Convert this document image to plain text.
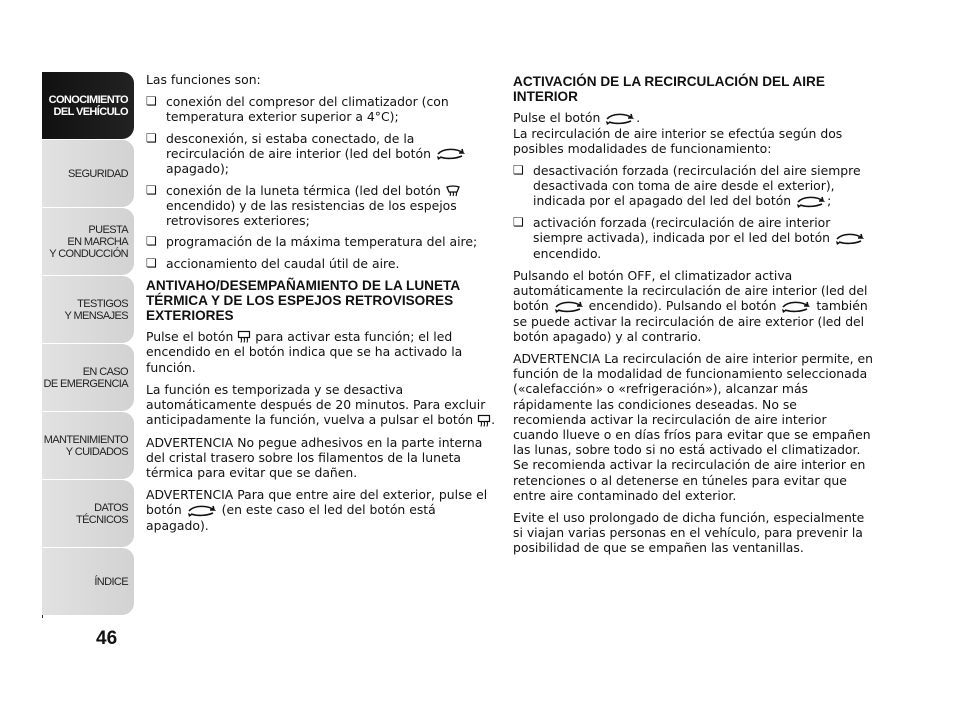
CONOCIMIENTO
DEL VEHÍCULO
SEGURIDAD
PUESTA
EN MARCHA
Y CONDUCCIÓN
TESTIGOS
Y MENSAJES
EN CASO
DE EMERGENCIA
MANTENIMIENTO
Y CUIDADOS
DATOS TÉCNICOS
ÍNDICE
46

Las funciones son:

❏ conexión del compresor del climatizador (con temperatura exterior superior a 4°C);
❏ desconexión, si estaba conectado, de la recirculación de aire interior (led del botón  apagado);
❏ conexión de la luneta térmica (led del botón  encendido) y de las resistencias de los espejos retrovisores exteriores;
❏ programación de la máxima temperatura del aire;
❏ accionamiento del caudal útil de aire.
ANTIVAHO/DESEMPAÑAMIENTO DE LA LUNETA TÉRMICA Y DE LOS ESPEJOS RETROVISORES EXTERIORES

Pulse el botón para activar esta función; el led encendido en el botón indica que se ha activado la función.

La función es temporizada y se desactiva automáticamente después de 20 minutos. Para excluir anticipadamente la función, vuelva a pulsar el botón .

ADVERTENCIA No pegue adhesivos en la parte interna del cristal trasero sobre los filamentos de la luneta térmica para evitar que se dañen.

ADVERTENCIA Para que entre aire del exterior, pulse el botón	(en este caso el led del botón está apagado).

ACTIVACIÓN DE LA RECIRCULACIÓN DEL AIRE INTERIOR

Pulse el botón	.
La recirculación de aire interior se efectúa según dos posibles modalidades de funcionamiento:

❏ desactivación forzada (recirculación del aire siempre desactivada con toma de aire desde el exterior), indicada por el apagado del led del botón	;
❏ activación forzada (recirculación de aire interior siempre activada), indicada por el led del botón  encendido.

Pulsando el botón OFF, el climatizador activa automáticamente la recirculación de aire interior (led del botón	encendido). Pulsando el botón	también se puede activar la recirculación de aire exterior (led del botón apagado) y al contrario.

ADVERTENCIA La recirculación de aire interior permite, en función de la modalidad de funcionamiento seleccionada («calefacción» o «refrigeración»), alcanzar más rápidamente las condiciones deseadas. No se recomienda activar la recirculación de aire interior cuando llueve o en días fríos para evitar que se empañen las lunas, sobre todo si no está activado el climatizador. Se recomienda activar la recirculación de aire interior en retenciones o al detenerse en túneles para evitar que entre aire contaminado del exterior.

Evite el uso prolongado de dicha función, especialmente si viajan varias personas en el vehículo, para prevenir la posibilidad de que se empañen las ventanillas.
